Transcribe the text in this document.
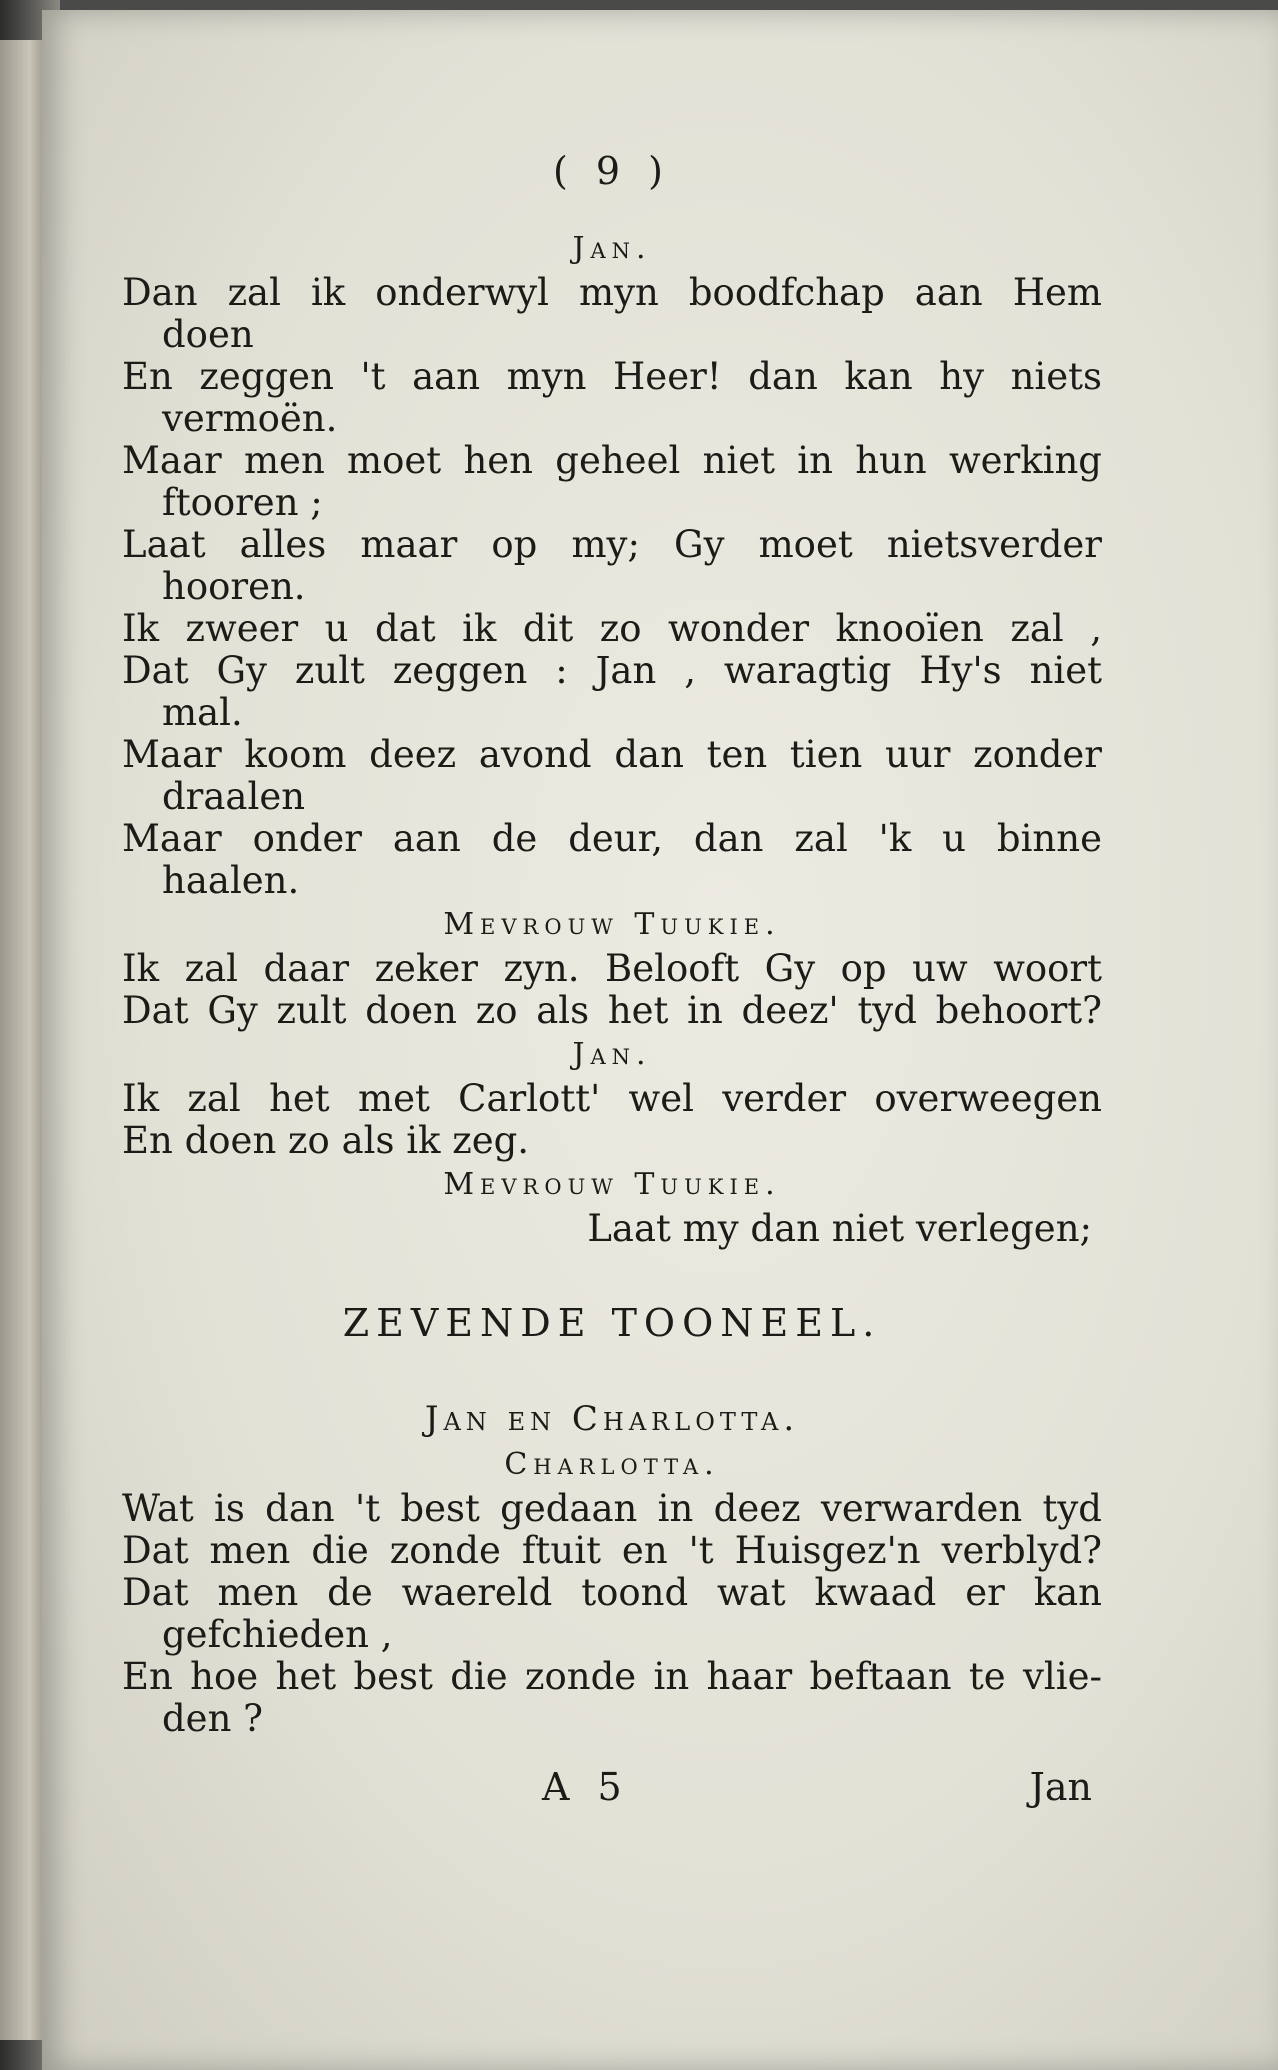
( 9 )
Jan.
Dan zal ik onderwyl myn boodfchap aan Hem
doen
En zeggen 't aan myn Heer! dan kan hy niets
vermoën.
Maar men moet hen geheel niet in hun werking
ftooren ;
Laat alles maar op my; Gy moet nietsverder
hooren.
Ik zweer u dat ik dit zo wonder knooïen zal ,
Dat Gy zult zeggen : Jan , waragtig Hy's niet
mal.
Maar koom deez avond dan ten tien uur zonder
draalen
Maar onder aan de deur, dan zal 'k u binne
haalen.
Mevrouw Tuukie.
Ik zal daar zeker zyn. Belooft Gy op uw woort
Dat Gy zult doen zo als het in deez' tyd behoort?
Jan.
Ik zal het met Carlott' wel verder overweegen
En doen zo als ik zeg.
Mevrouw Tuukie.
Laat my dan niet verlegen;
ZEVENDE TOONEEL.
Jan en Charlotta.
Charlotta.
Wat is dan 't best gedaan in deez verwarden tyd
Dat men die zonde ftuit en 't Huisgez'n verblyd?
Dat men de waereld toond wat kwaad er kan
gefchieden ,
En hoe het best die zonde in haar beftaan te vlie-
den ?
A 5	Jan
